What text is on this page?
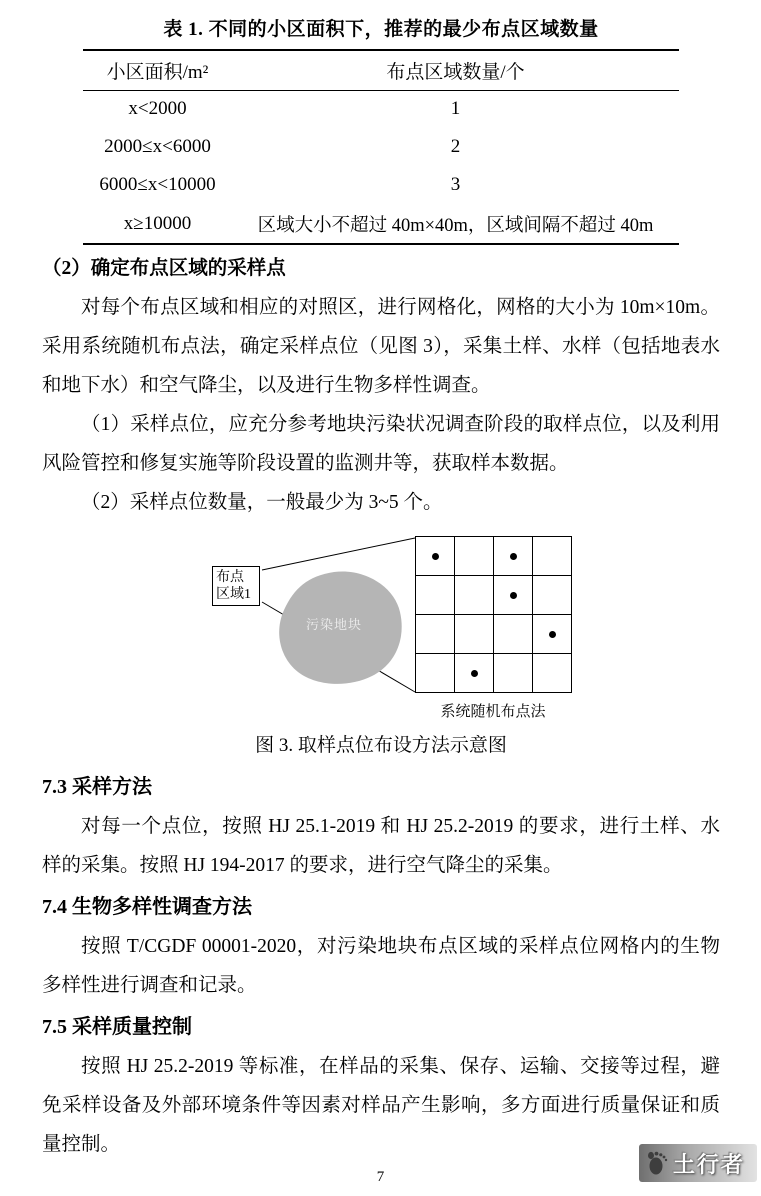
表 1. 不同的小区面积下，推荐的最少布点区域数量
小区面积/m²	布点区域数量/个
x<2000	1
2000≤x<6000	2
6000≤x<10000	3
x≥10000	区域大小不超过 40m×40m，区域间隔不超过 40m
（2）确定布点区域的采样点

对每个布点区域和相应的对照区，进行网格化，网格的大小为 10m×10m。采用系统随机布点法，确定采样点位（见图 3），采集土样、水样（包括地表水和地下水）和空气降尘，以及进行生物多样性调查。

（1）采样点位，应充分参考地块污染状况调查阶段的取样点位，以及利用风险管控和修复实施等阶段设置的监测井等，获取样本数据。

（2）采样点位数量，一般最少为 3~5 个。

布点区域1
污染地块
系统随机布点法
图 3. 取样点位布设方法示意图
7.3 采样方法

对每一个点位，按照 HJ 25.1-2019 和 HJ 25.2-2019 的要求，进行土样、水样的采集。按照 HJ 194-2017 的要求，进行空气降尘的采集。

7.4 生物多样性调查方法

按照 T/CGDF 00001-2020，对污染地块布点区域的采样点位网格内的生物多样性进行调查和记录。

7.5 采样质量控制

按照 HJ 25.2-2019 等标准，在样品的采集、保存、运输、交接等过程，避免采样设备及外部环境条件等因素对样品产生影响，多方面进行质量保证和质量控制。

7
土行者
